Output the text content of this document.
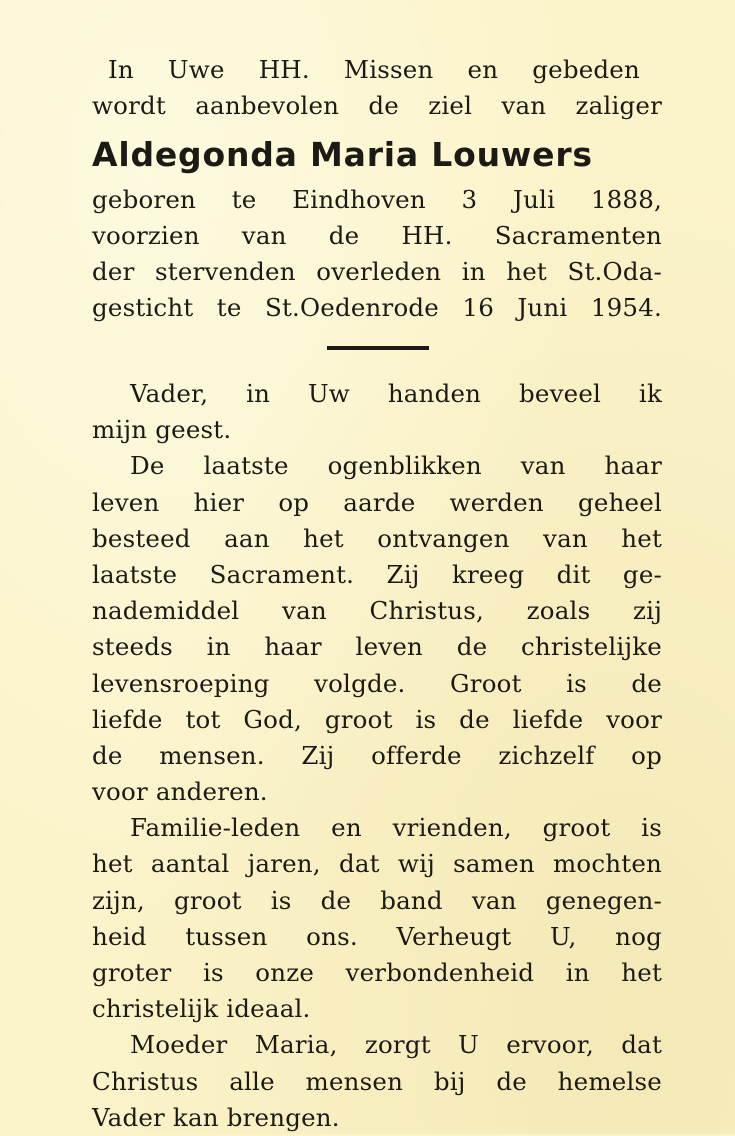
In Uwe HH. Missen en gebeden
wordt aanbevolen de ziel van zaliger
Aldegonda Maria Louwers
geboren te Eindhoven 3 Juli 1888,
voorzien van de HH. Sacramenten
der stervenden overleden in het St.Oda-
gesticht te St.Oedenrode 16 Juni 1954.
Vader, in Uw handen beveel ik
mijn geest.
De laatste ogenblikken van haar
leven hier op aarde werden geheel
besteed aan het ontvangen van het
laatste Sacrament. Zij kreeg dit ge-
nademiddel van Christus, zoals zij
steeds in haar leven de christelijke
levensroeping volgde. Groot is de
liefde tot God, groot is de liefde voor
de mensen. Zij offerde zichzelf op
voor anderen.
Familie-leden en vrienden, groot is
het aantal jaren, dat wij samen mochten
zijn, groot is de band van genegen-
heid tussen ons. Verheugt U, nog
groter is onze verbondenheid in het
christelijk ideaal.
Moeder Maria, zorgt U ervoor, dat
Christus alle mensen bij de hemelse
Vader kan brengen.
